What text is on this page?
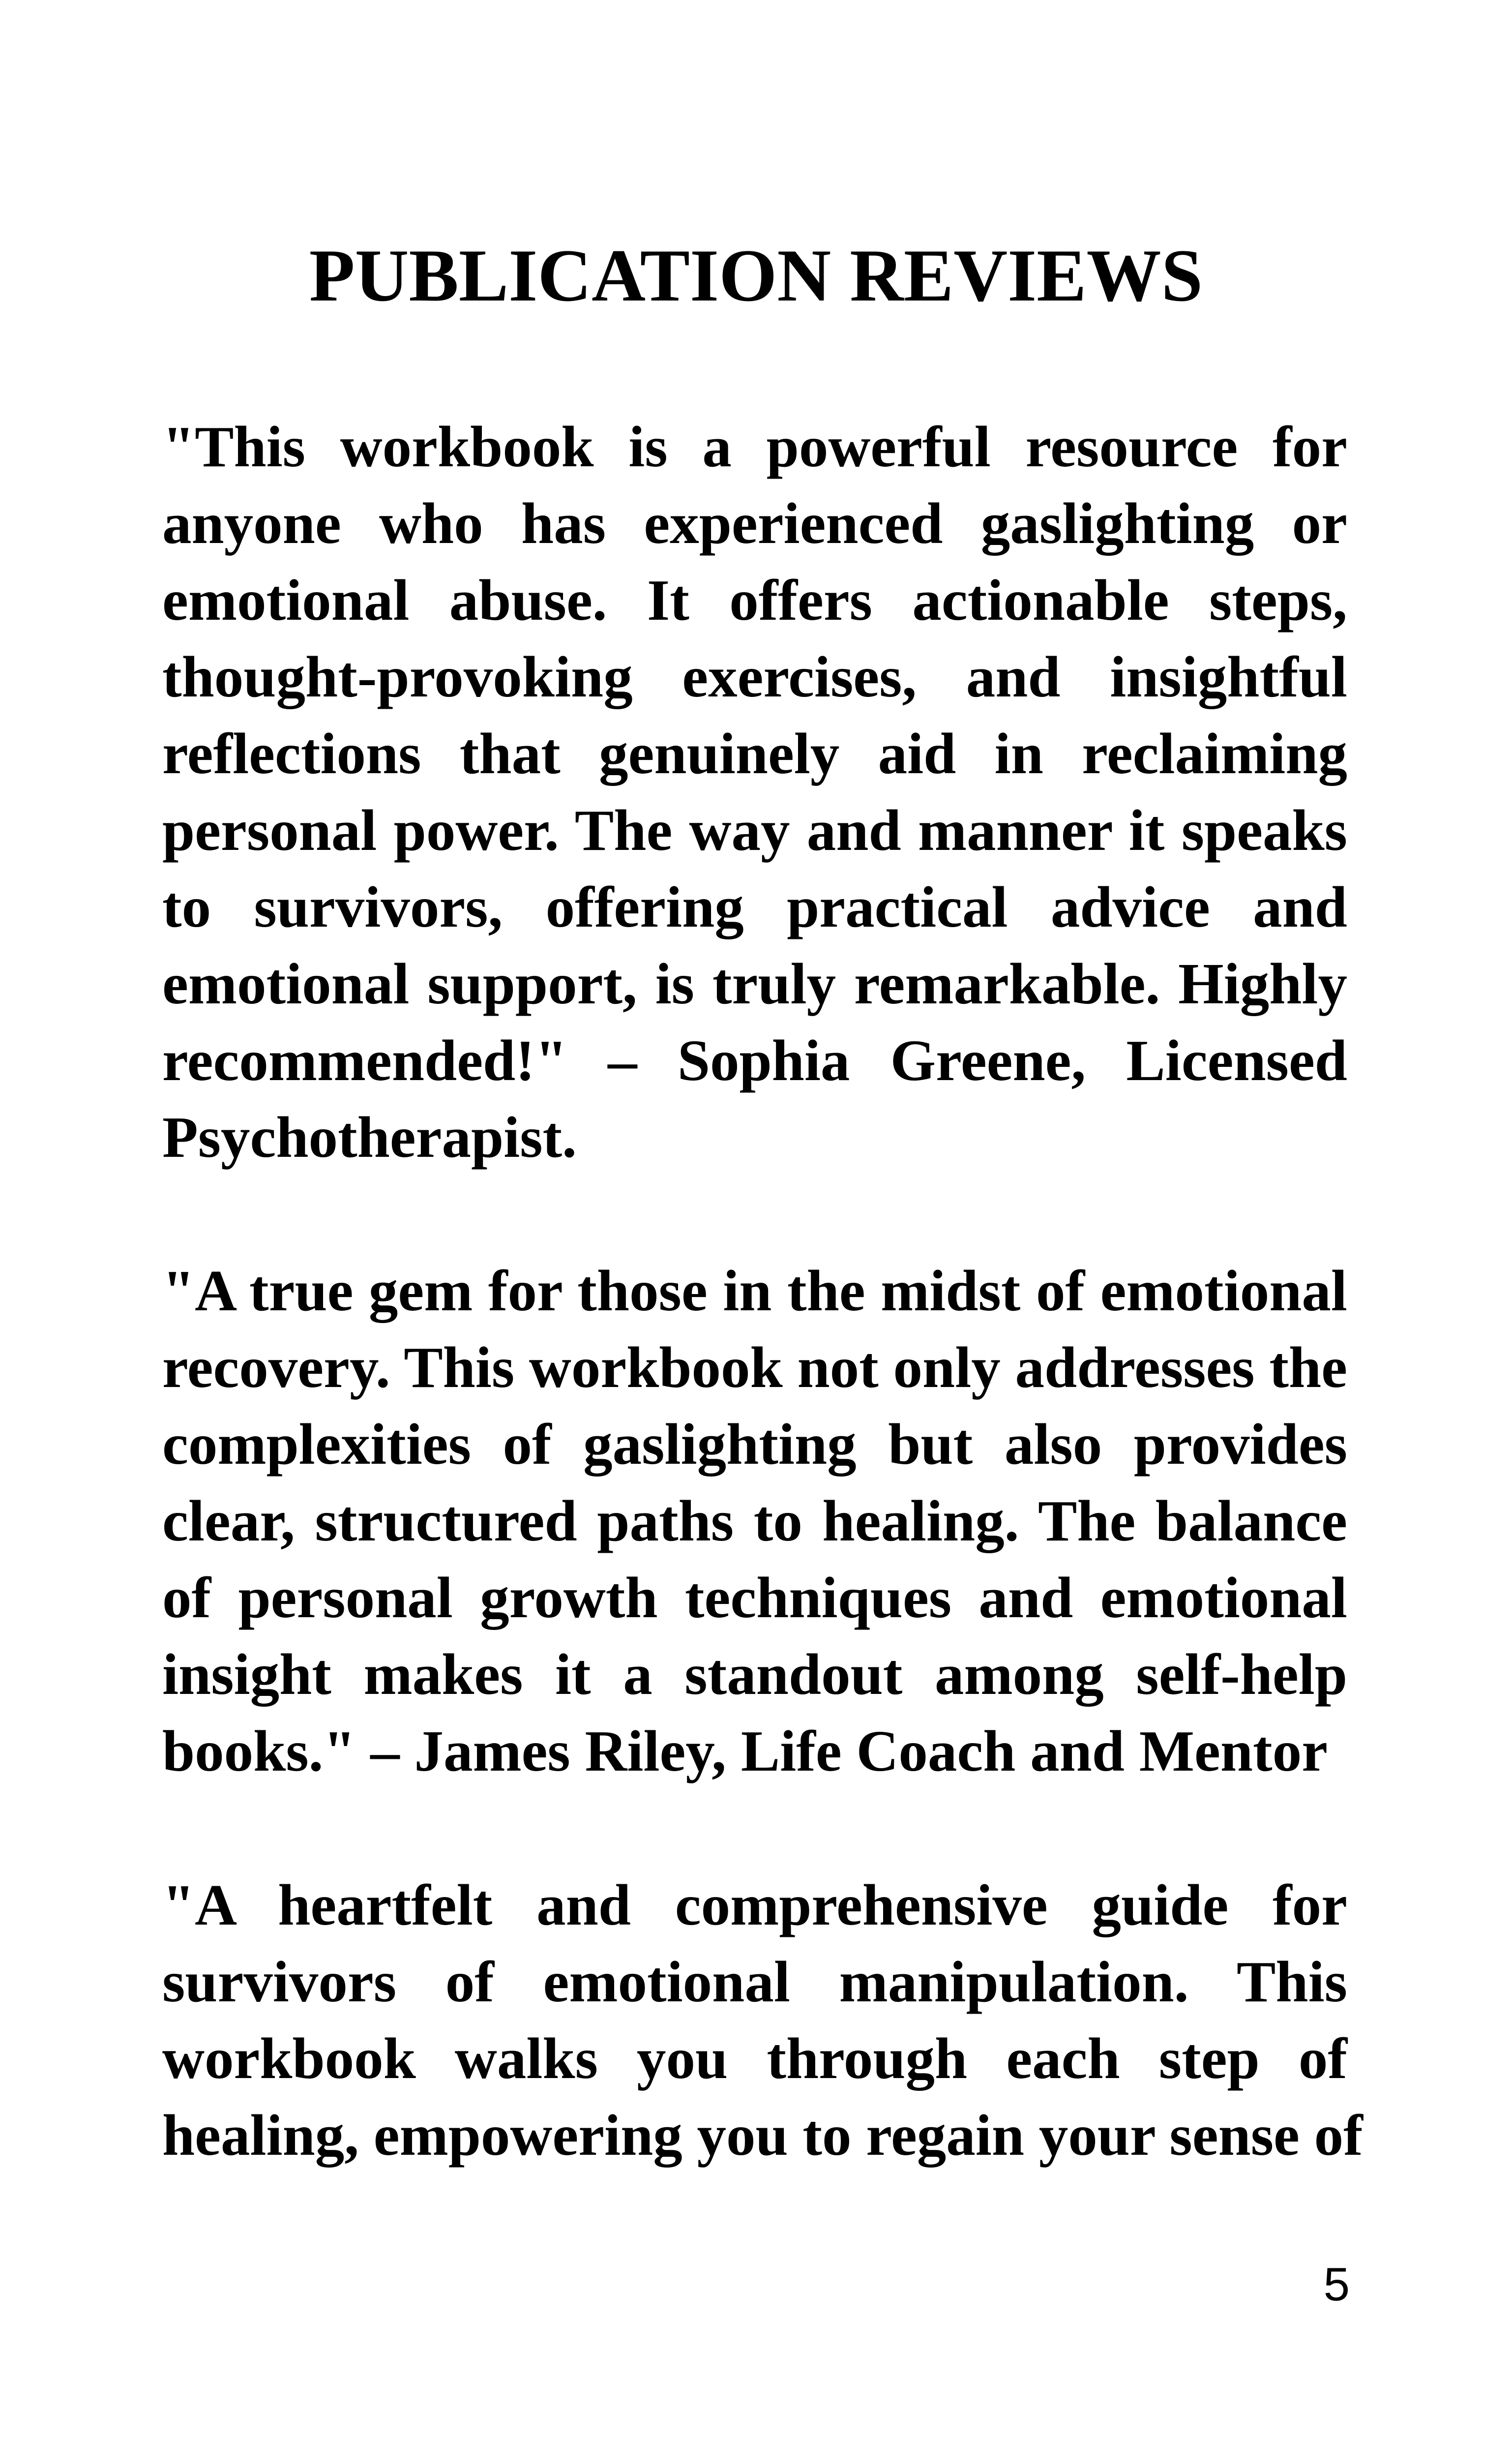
PUBLICATION REVIEWS
"This workbook is a powerful resource for
anyone who has experienced gaslighting or
emotional abuse. It offers actionable steps,
thought-provoking exercises, and insightful
reflections that genuinely aid in reclaiming
personal power. The way and manner it speaks
to survivors, offering practical advice and
emotional support, is truly remarkable. Highly
recommended!" – Sophia Greene, Licensed
Psychotherapist.
"A true gem for those in the midst of emotional
recovery. This workbook not only addresses the
complexities of gaslighting but also provides
clear, structured paths to healing. The balance
of personal growth techniques and emotional
insight makes it a standout among self-help
books." – James Riley, Life Coach and Mentor
"A heartfelt and comprehensive guide for
survivors of emotional manipulation. This
workbook walks you through each step of
healing, empowering you to regain your sense of
5
